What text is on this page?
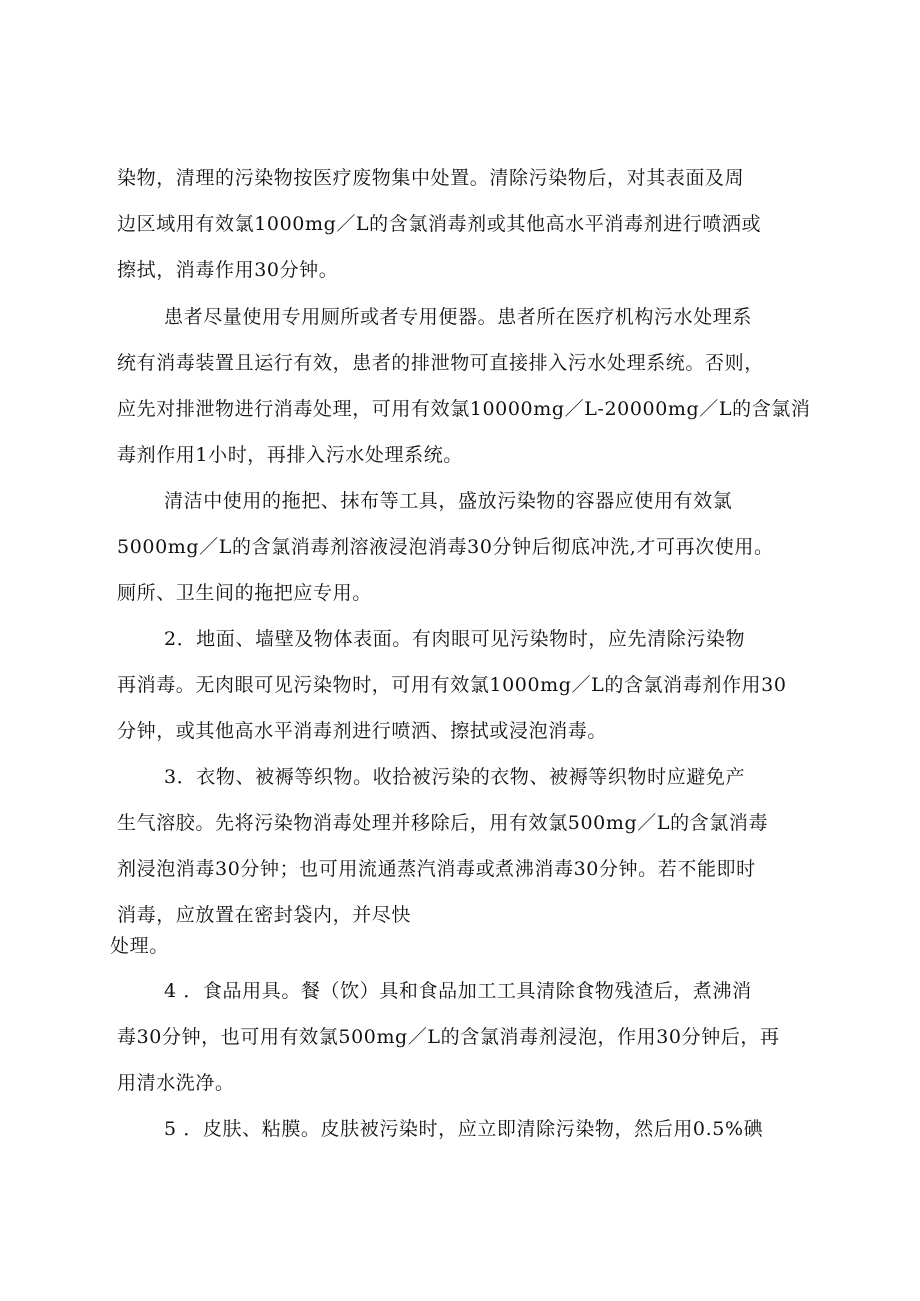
染物，清理的污染物按医疗废物集中处置。清除污染物后，对其表面及周
边区域用有效氯1000mg／L的含氯消毒剂或其他高水平消毒剂进行喷洒或
擦拭，消毒作用30分钟。
患者尽量使用专用厕所或者专用便器。患者所在医疗机构污水处理系
统有消毒装置且运行有效，患者的排泄物可直接排入污水处理系统。否则，
应先对排泄物进行消毒处理，可用有效氯10000mg／L-20000mg／L的含氯消
毒剂作用1小时，再排入污水处理系统。
清洁中使用的拖把、抹布等工具，盛放污染物的容器应使用有效氯
5000mg／L的含氯消毒剂溶液浸泡消毒30分钟后彻底冲洗,才可再次使用。
厕所、卫生间的拖把应专用。
2．地面、墙壁及物体表面。有肉眼可见污染物时，应先清除污染物
再消毒。无肉眼可见污染物时，可用有效氯1000mg／L的含氯消毒剂作用30
分钟，或其他高水平消毒剂进行喷洒、擦拭或浸泡消毒。
3．衣物、被褥等织物。收拾被污染的衣物、被褥等织物时应避免产
生气溶胶。先将污染物消毒处理并移除后，用有效氯500mg／L的含氯消毒
剂浸泡消毒30分钟；也可用流通蒸汽消毒或煮沸消毒30分钟。若不能即时
消毒，应放置在密封袋内，并尽快
处理。
4 ．食品用具。餐（饮）具和食品加工工具清除食物残渣后，煮沸消
毒30分钟，也可用有效氯500mg／L的含氯消毒剂浸泡，作用30分钟后，再
用清水洗净。
5 ．皮肤、粘膜。皮肤被污染时，应立即清除污染物，然后用0.5%碘
